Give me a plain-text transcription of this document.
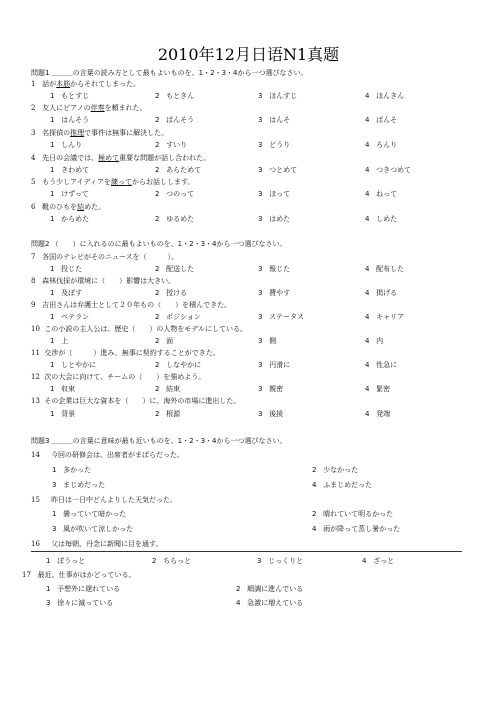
2010年12月日语N1真题
問題1 ＿＿＿の言葉の読み方として最もよいものを、1・2・3・4から一つ選びなさい。
1 話が本筋からそれてしまった。
1   もとすじ	2   もときん	3   ほんすじ	4   ほんきん
2 友人にピアノの伴奏を頼まれた。
1   はんそう	2   ばんそう	3   はんそ	4   ばんそ
3 名探偵の推理で事件は無事に解決した。
1   しんり	2   すいり	3   どうり	4   ろんり
4 先日の会議では、極めて重要な問題が話し合われた。
1   きわめて	2   あらためて	3   つとめて	4   つきつめて
5 もう少しアイディアを練ってからお話しします。
1   けずって	2   つのって	3   ほって	4   ねって
6 靴のひもを結めた。
1   からめた	2   ゆるめた	3   はめた	4   しめた
問題2 （　　）に入れるのに最もよいものを、1・2・3・4から一つ選びなさい。
7 各国のテレビがそのニュースを（　　　）。
1   投じた	2   配送した	3   報じた	4   配布した
8 森林伐採が環境に（　　）影響は大きい。
1   及ぼす	2   授ける	3   費やす	4   掲げる
9 吉田さんは弁護士として２０年もの（　　）を積んできた。
1   ベテラン	2   ポジション	3   ステータス	4   キャリア
10 この小説の主人公は、歴史（　　）の人物をモデルにしている。
1   上	2   面	3   側	4   内
11 交渉が（　　　）進み、無事に契約することができた。
1   しとやかに	2   しなやかに	3   円滑に	4   性急に
12 次の大会に向けて、チームの（　　）を強めよう。
1   収束	2   結束	3   親密	4   緊密
13 その企業は巨大な資本を（　　）に、海外の市場に進出した。
1   背景	2   根源	3   後援	4   発端
問題3 ＿＿＿の言葉に意味が最も近いものを、1・2・3・4から一つ選びなさい。
14 今回の研修会は、出席者がまばらだった。
1   多かった	2   少なかった
3   まじめだった	4   ふまじめだった
15 昨日は一日中どんよりした天気だった。
1   曇っていて暗かった	2   晴れていて明るかった
3   風が吹いて涼しかった	4   雨が降って蒸し暑かった
16 父は毎朝、丹念に新聞に目を通す。
1   ぼうっと	2   ちらっと	3   じっくりと	4   ざっと
17 最近、仕事がはかどっている。
1   予想外に遅れている	2   順調に進んでいる
3   徐々に減っている	4   急激に増えている
